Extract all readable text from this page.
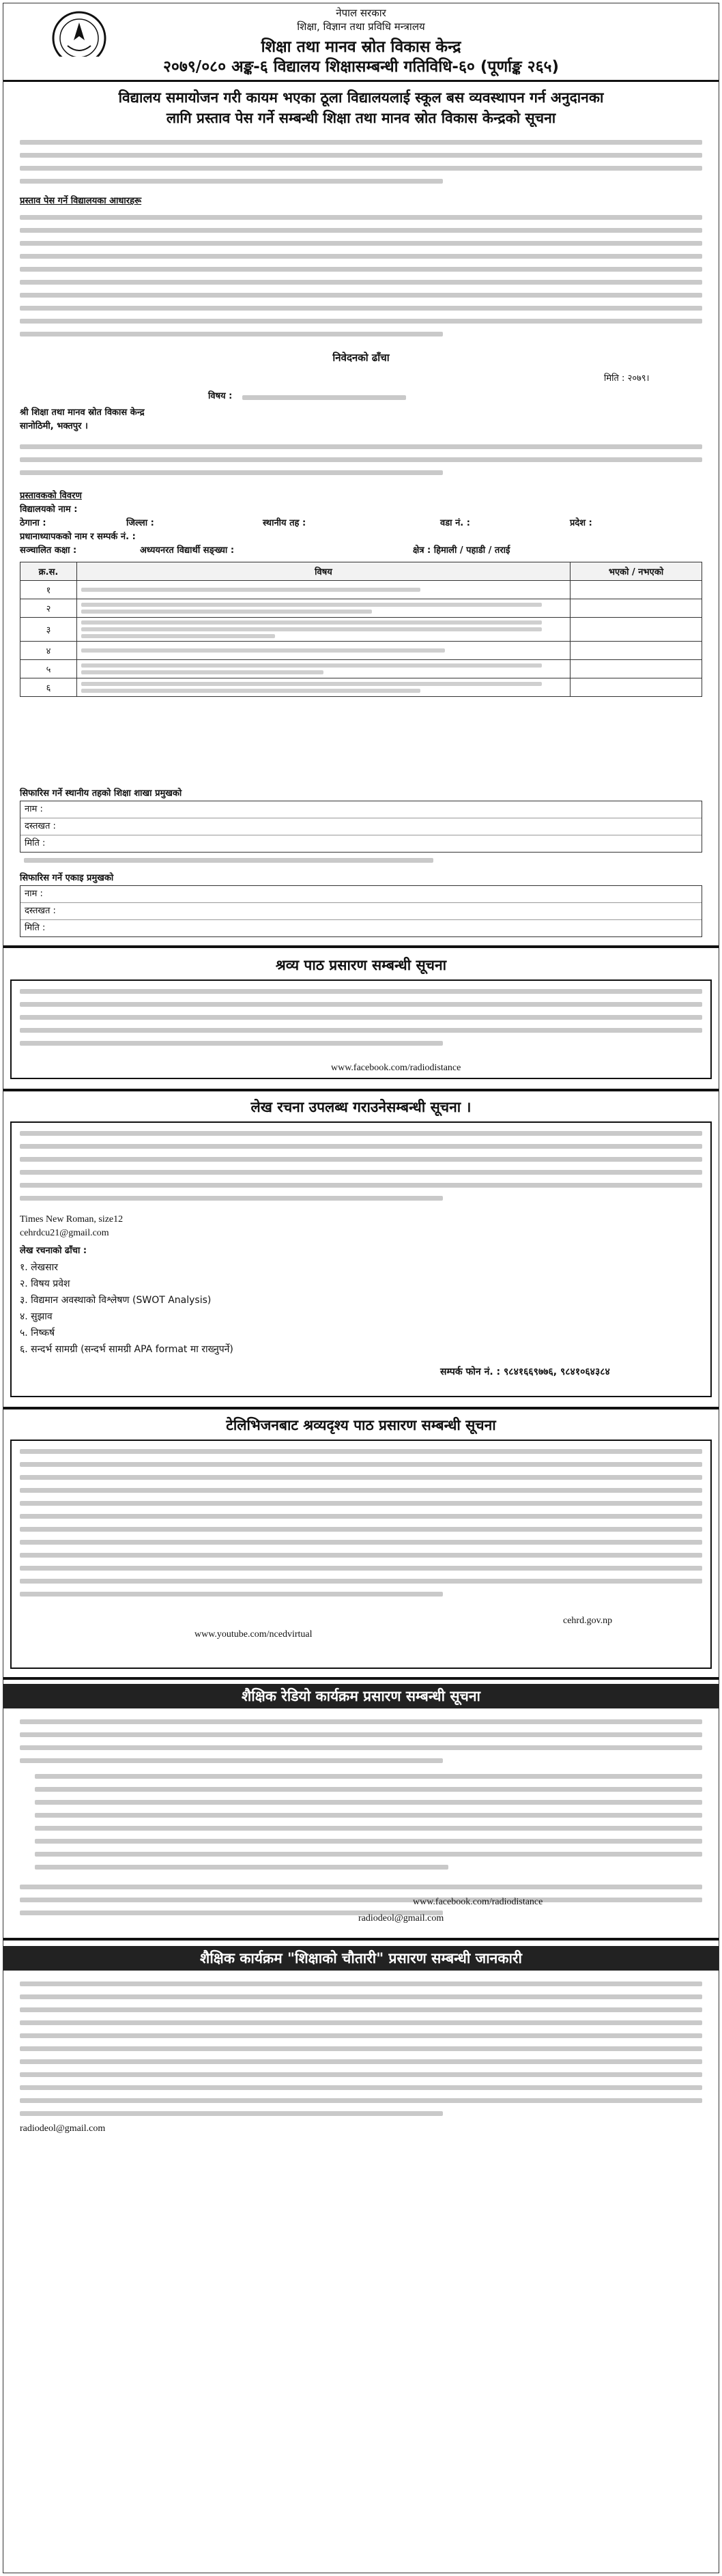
नेपाल सरकार
शिक्षा, विज्ञान तथा प्रविधि मन्त्रालय
शिक्षा तथा मानव स्रोत विकास केन्द्र
२०७९/०८० अङ्क-६ विद्यालय शिक्षासम्बन्धी गतिविधि-६० (पूर्णाङ्क २६५)
विद्यालय समायोजन गरी कायम भएका ठूला विद्यालयलाई स्कूल बस व्यवस्थापन गर्न अनुदानका
लागि प्रस्ताव पेस गर्ने सम्बन्धी शिक्षा तथा मानव स्रोत विकास केन्द्रको सूचना
प्रस्ताव पेस गर्ने विद्यालयका आधारहरू
निवेदनको ढाँचा
मिति : २०७९।
विषय :
श्री शिक्षा तथा मानव स्रोत विकास केन्द्र
सानोठिमी, भक्तपुर ।
प्रस्तावकको विवरण
विद्यालयको नाम :
ठेगाना :	जिल्ला :	स्थानीय तह :	वडा नं. :	प्रदेश :
प्रधानाध्यापकको नाम र सम्पर्क नं. :
सञ्चालित कक्षा :	अध्ययनरत विद्यार्थी सङ्ख्या :	क्षेत्र : हिमाली / पहाडी / तराई
क्र.स.	विषय	भएको / नभएको
१	

२	

३	

४	

५	

६	

सिफारिस गर्ने स्थानीय तहको शिक्षा शाखा प्रमुखको
नाम :
दस्तखत :
मिति :
सिफारिस गर्ने एकाइ प्रमुखको
नाम :
दस्तखत :
मिति :
श्रव्य पाठ प्रसारण सम्बन्धी सूचना
www.facebook.com/radiodistance
लेख रचना उपलब्ध गराउनेसम्बन्धी सूचना ।
Times New Roman, size12
cehrdcu21@gmail.com
लेख रचनाको ढाँचा :
१. लेखसार
२. विषय प्रवेश
३. विद्यमान अवस्थाको विश्लेषण (SWOT Analysis)
४. सुझाव
५. निष्कर्ष
६. सन्दर्भ सामग्री (सन्दर्भ सामग्री APA format मा राख्नुपर्ने)
सम्पर्क फोन नं. : ९८४१६६९७७६, ९८४१०६४३८४
टेलिभिजनबाट श्रव्यदृश्य पाठ प्रसारण सम्बन्धी सूचना
www.youtube.com/ncedvirtual
cehrd.gov.np
शैक्षिक रेडियो कार्यक्रम प्रसारण सम्बन्धी सूचना
www.facebook.com/radiodistance
radiodeol@gmail.com
शैक्षिक कार्यक्रम "शिक्षाको चौतारी" प्रसारण सम्बन्धी जानकारी
radiodeol@gmail.com
